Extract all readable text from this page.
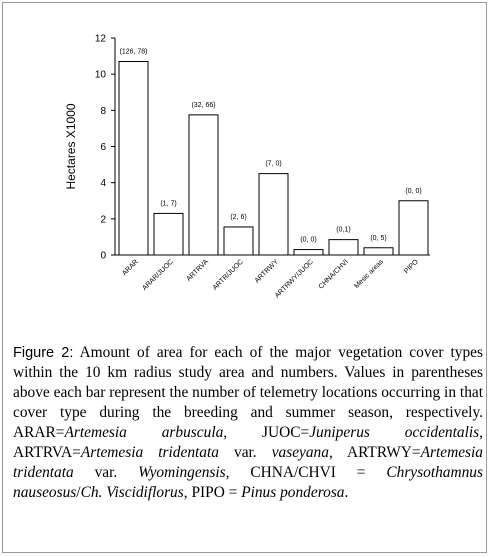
0
2
4
6
8
10
12
Hectares X1000
(126, 78)
ARAR
(1, 7)
ARAR/JUOC
(32, 66)
ARTRVA
(2, 6)
ARTR/JUOC
(7, 0)
ARTRWY
(0, 0)
ARTRWY/JUOC
(0,1)
CHNA/CHVI
(0, 5)
Mesic areas
(0, 0)
PIPO
Figure 2: Amount of area for each of the major vegetation cover types within the 10 km radius study area and numbers. Values in parentheses above each bar represent the number of telemetry locations occurring in that cover type during the breeding and summer season, respectively. ARAR=Artemesia arbuscula, JUOC=Juniperus occidentalis, ARTRVA=Artemesia tridentata var. vaseyana, ARTRWY=Artemesia tridentata var. Wyomingensis, CHNA/CHVI = Chrysothamnus nauseosus/Ch. Viscidiflorus, PIPO = Pinus ponderosa.
